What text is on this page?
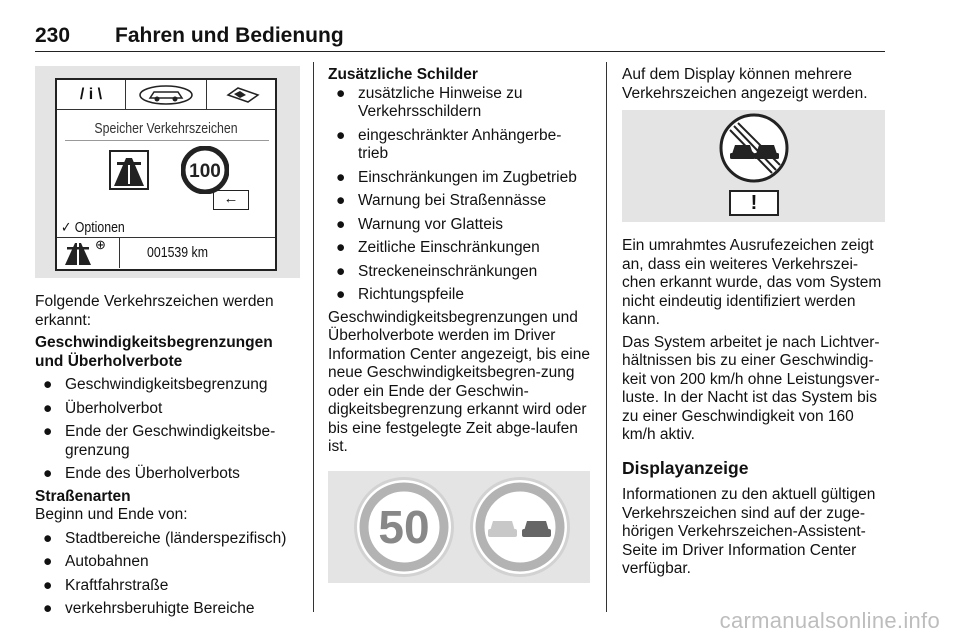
230 Fahren und Bedienung
/ i \
Speicher Verkehrszeichen
100
✓ Optionen
←
⊕
001539 km

Folgende Verkehrszeichen werden erkannt:

Geschwindigkeitsbegrenzungen und Überholverbote

● Geschwindigkeitsbegrenzung
● Überholverbot
● Ende der Geschwindigkeitsbe-grenzung
● Ende des Überholverbots

Straßenarten

Beginn und Ende von:

● Stadtbereiche (länderspezifisch)
● Autobahnen
● Kraftfahrstraße
● verkehrsberuhigte Bereiche

Zusätzliche Schilder

● zusätzliche Hinweise zu Verkehrsschildern
● eingeschränkter Anhängerbe-trieb
● Einschränkungen im Zugbetrieb
● Warnung bei Straßennässe
● Warnung vor Glatteis
● Zeitliche Einschränkungen
● Streckeneinschränkungen
● Richtungspfeile

Geschwindigkeitsbegrenzungen und Überholverbote werden im Driver Information Center angezeigt, bis eine neue Geschwindigkeitsbegren-zung oder ein Ende der Geschwin-digkeitsbegrenzung erkannt wird oder bis eine festgelegte Zeit abge-laufen ist.

50

Auf dem Display können mehrere Verkehrszeichen angezeigt werden.

!

Ein umrahmtes Ausrufezeichen zeigt an, dass ein weiteres Verkehrszei-chen erkannt wurde, das vom System nicht eindeutig identifiziert werden kann.

Das System arbeitet je nach Lichtver-hältnissen bis zu einer Geschwindig-keit von 200 km/h ohne Leistungsver-luste. In der Nacht ist das System bis zu einer Geschwindigkeit von 160 km/h aktiv.

Displayanzeige

Informationen zu den aktuell gültigen Verkehrszeichen sind auf der zuge-hörigen Verkehrszeichen-Assistent-Seite im Driver Information Center verfügbar.

carmanualsonline.info
